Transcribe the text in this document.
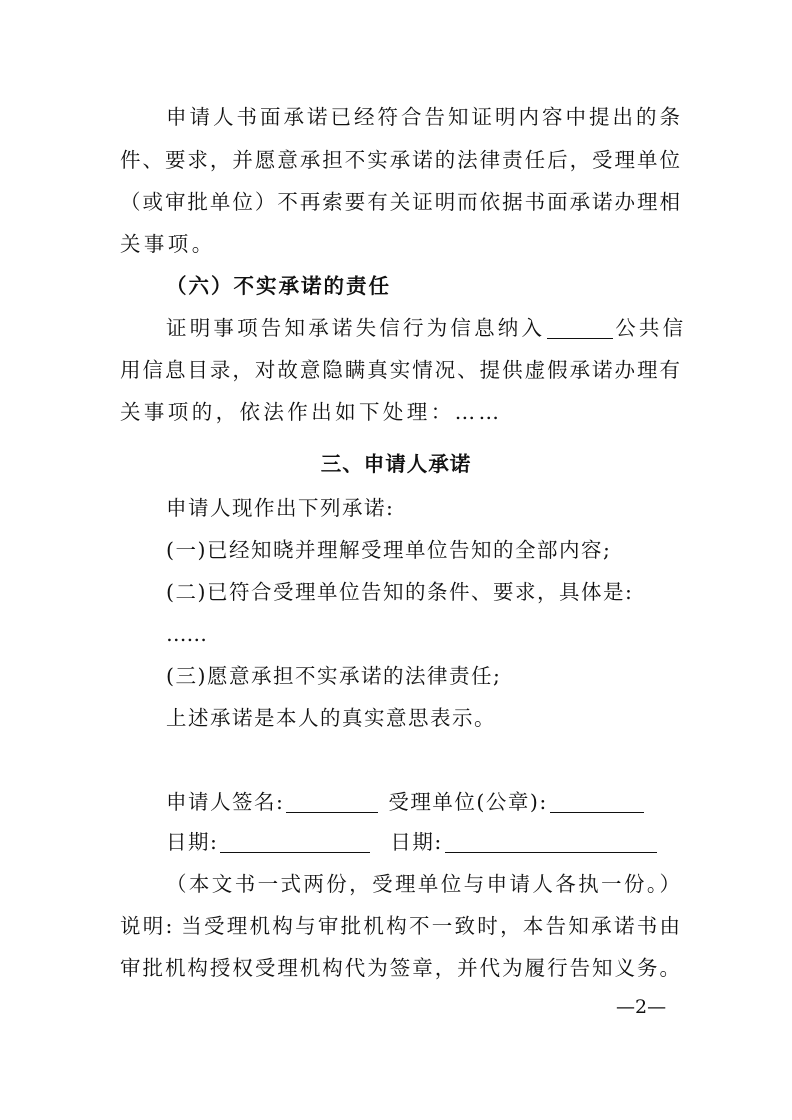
申请人书面承诺已经符合告知证明内容中提出的条
件、要求，并愿意承担不实承诺的法律责任后，受理单位
（或审批单位）不再索要有关证明而依据书面承诺办理相
关事项。
（六）不实承诺的责任
证明事项告知承诺失信行为信息纳入	公共信
用信息目录，对故意隐瞒真实情况、提供虚假承诺办理有
关事项的，依法作出如下处理：……
三、申请人承诺
申请人现作出下列承诺:
(一)已经知晓并理解受理单位告知的全部内容;
(二)已符合受理单位告知的条件、要求，具体是:
……
(三)愿意承担不实承诺的法律责任;
上述承诺是本人的真实意思表示。
申请人签名:	受理单位(公章):
日期:	日期:
（本文书一式两份，受理单位与申请人各执一份。）
说明: 当受理机构与审批机构不一致时，本告知承诺书由
审批机构授权受理机构代为签章，并代为履行告知义务。
—2—
